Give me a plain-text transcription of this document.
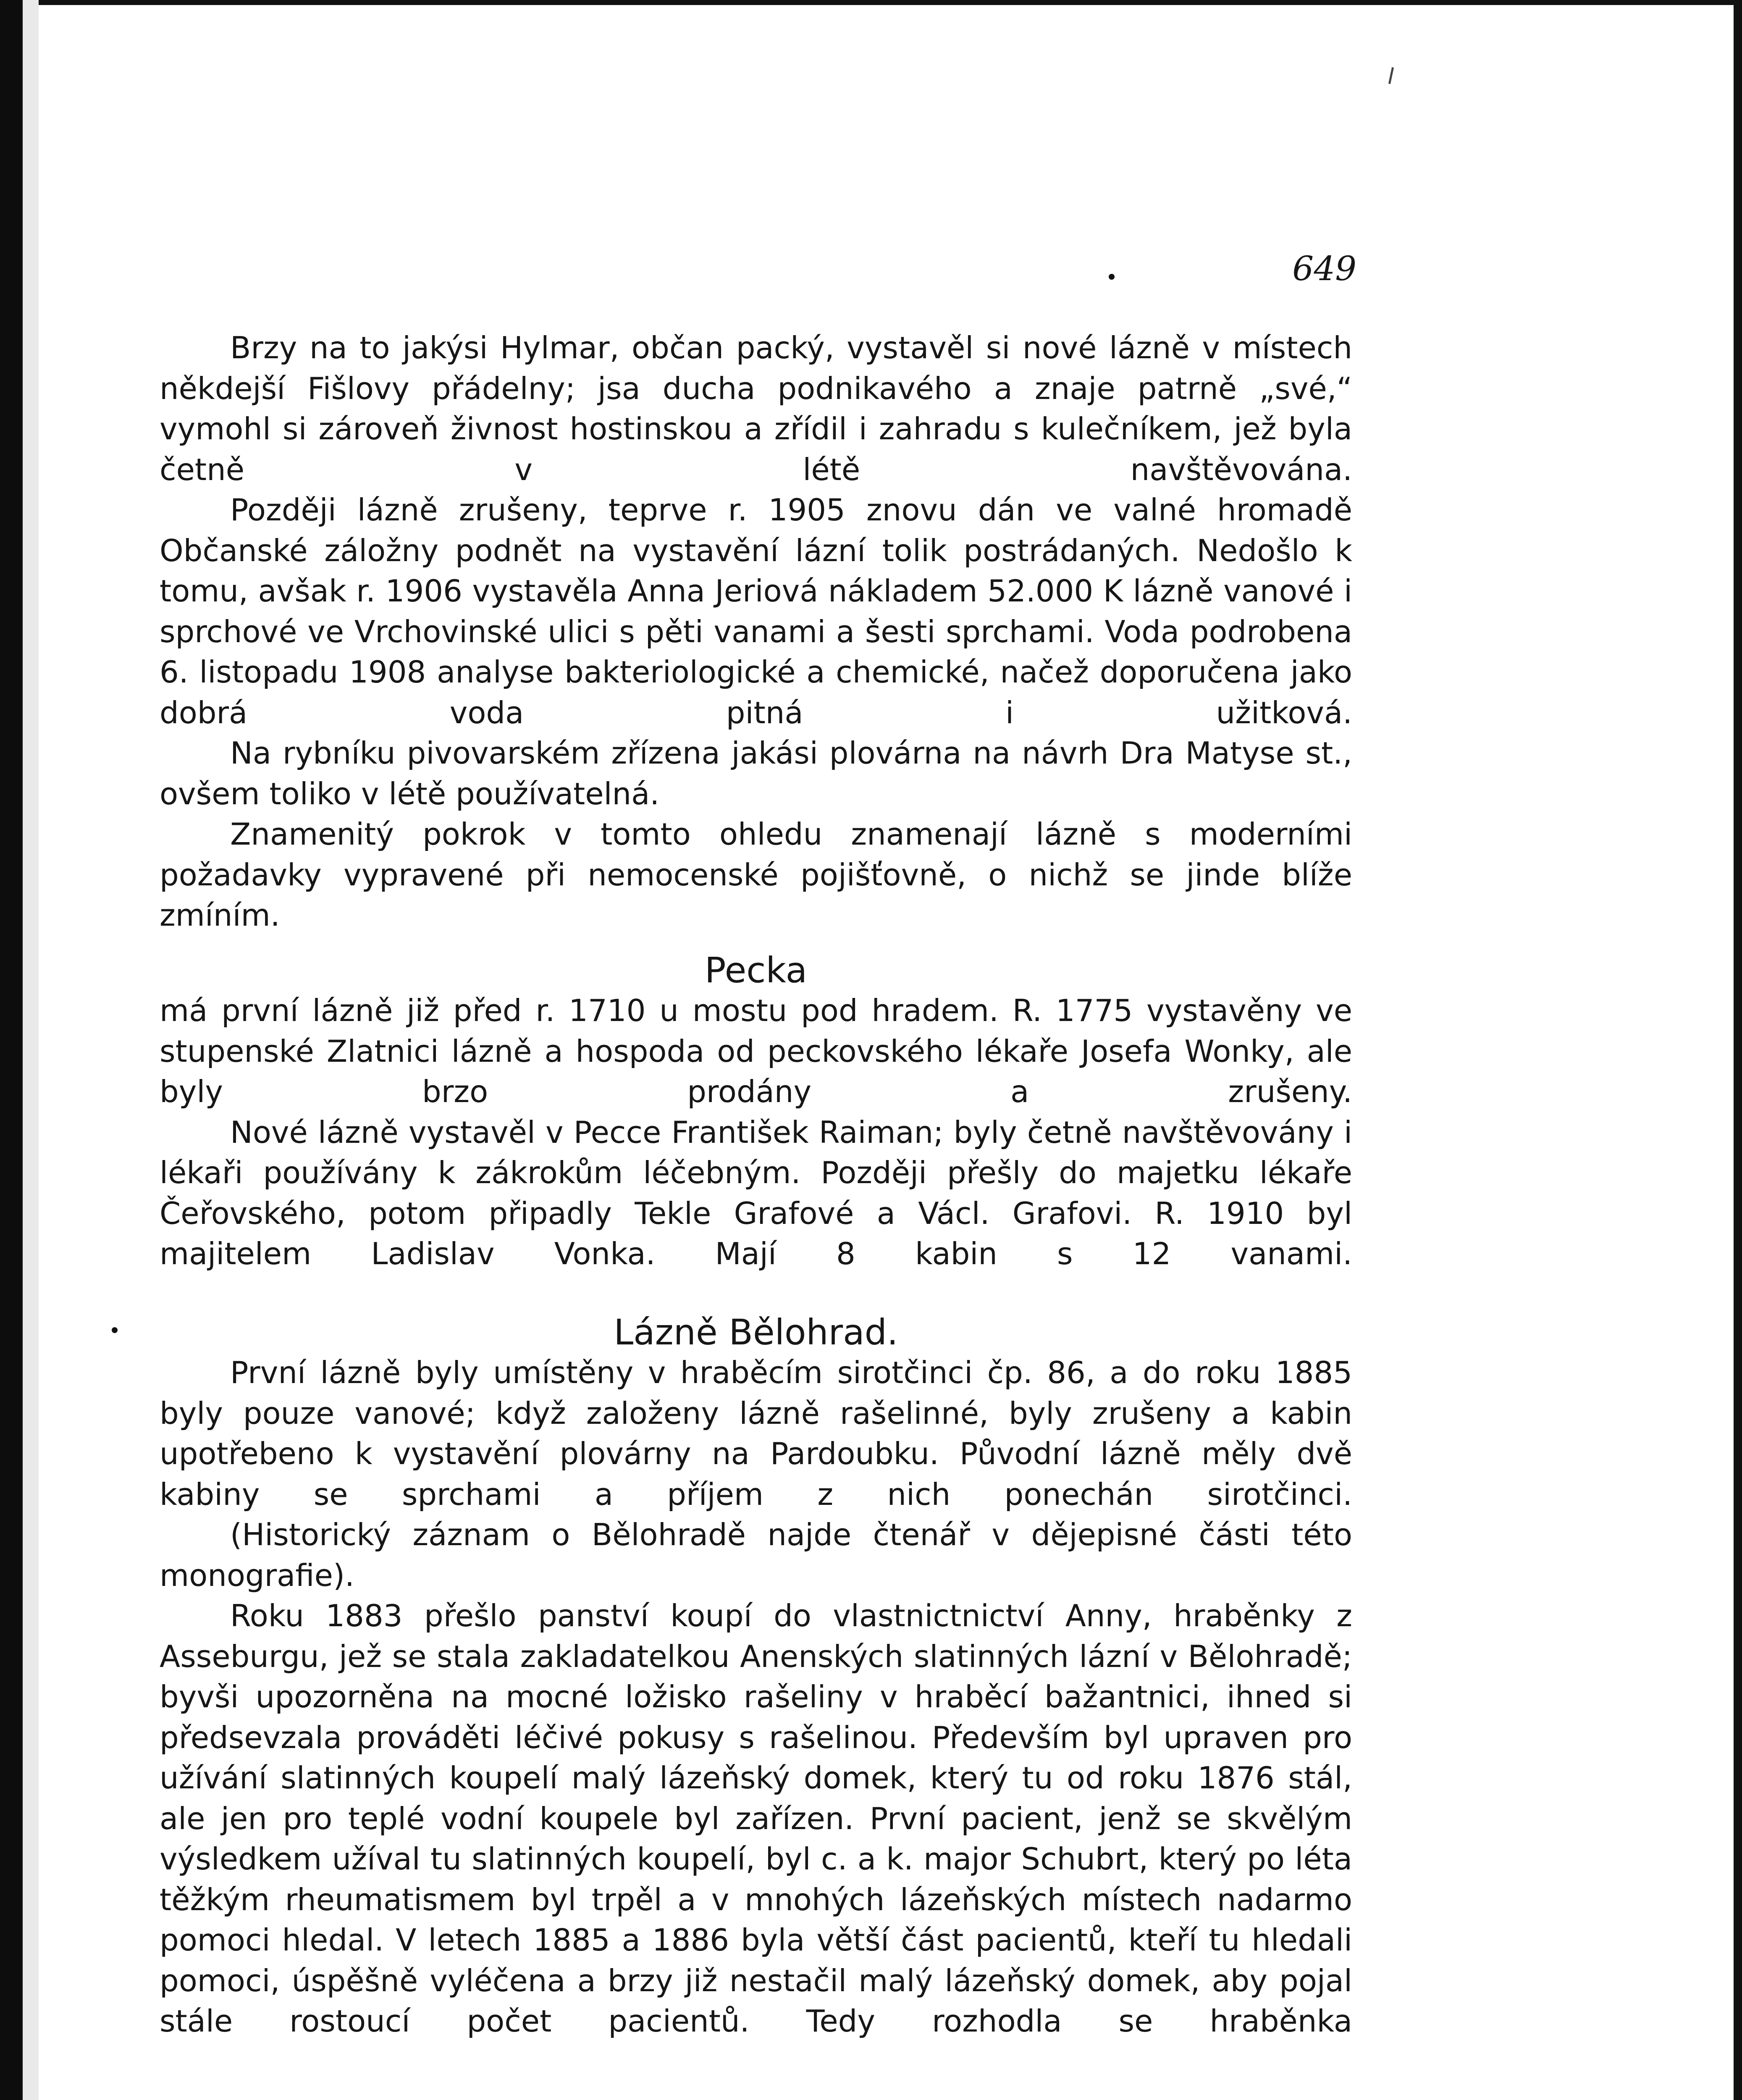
649

Brzy na to jakýsi Hylmar, občan packý, vystavěl si nové lázně v místech někdejší Fišlovy přádelny; jsa ducha podnikavého a znaje patrně „své,“ vymohl si zároveň živnost hostinskou a zřídil i zahradu s kulečníkem, jež byla četně v létě navštěvována.

Později lázně zrušeny, teprve r. 1905 znovu dán ve valné hromadě Občanské záložny podnět na vystavění lázní tolik postrádaných. Nedošlo k tomu, avšak r. 1906 vystavěla Anna Jeriová nákladem 52.000 K lázně vanové i sprchové ve Vrchovinské ulici s pěti vanami a šesti sprchami. Voda podrobena 6. listopadu 1908 analyse bakteriologické a chemické, načež doporučena jako dobrá voda pitná i užitková.

Na rybníku pivovarském zřízena jakási plovárna na návrh Dra Matyse st., ovšem toliko v létě používatelná.

Znamenitý pokrok v tomto ohledu znamenají lázně s moderními požadavky vypravené při nemocenské pojišťovně, o nichž se jinde blíže zmíním.

Pecka

má první lázně již před r. 1710 u mostu pod hradem. R. 1775 vystavěny ve stupenské Zlatnici lázně a hospoda od peckovského lékaře Josefa Wonky, ale byly brzo prodány a zrušeny.

Nové lázně vystavěl v Pecce František Raiman; byly četně navštěvovány i lékaři používány k zákrokům léčebným. Později přešly do majetku lékaře Čeřovského, potom připadly Tekle Grafové a Václ. Grafovi. R. 1910 byl majitelem Ladislav Vonka. Mají 8 kabin s 12 vanami.

Lázně Bělohrad.

První lázně byly umístěny v hraběcím sirotčinci čp. 86, a do roku 1885 byly pouze vanové; když založeny lázně rašelinné, byly zrušeny a kabin upotřebeno k vystavění plovárny na Pardoubku. Původní lázně měly dvě kabiny se sprchami a příjem z nich ponechán sirotčinci.

(Historický záznam o Bělohradě najde čtenář v dějepisné části této monografie).

Roku 1883 přešlo panství koupí do vlastnictnictví Anny, hraběnky z Asseburgu, jež se stala zakladatelkou Anenských slatinných lázní v Bělohradě; byvši upozorněna na mocné ložisko rašeliny v hraběcí bažantnici, ihned si předsevzala prováděti léčivé pokusy s rašelinou. Především byl upraven pro užívání slatinných koupelí malý lázeňský domek, který tu od roku 1876 stál, ale jen pro teplé vodní koupele byl zařízen. První pacient, jenž se skvělým výsledkem užíval tu slatinných koupelí, byl c. a k. major Schubrt, který po léta těžkým rheumatismem byl trpěl a v mnohých lázeňských místech nadarmo pomoci hledal. V letech 1885 a 1886 byla větší část pacientů, kteří tu hledali pomoci, úspěšně vyléčena a brzy již nestačil malý lázeňský domek, aby pojal stále rostoucí počet pacientů. Tedy rozhodla se hraběnka
